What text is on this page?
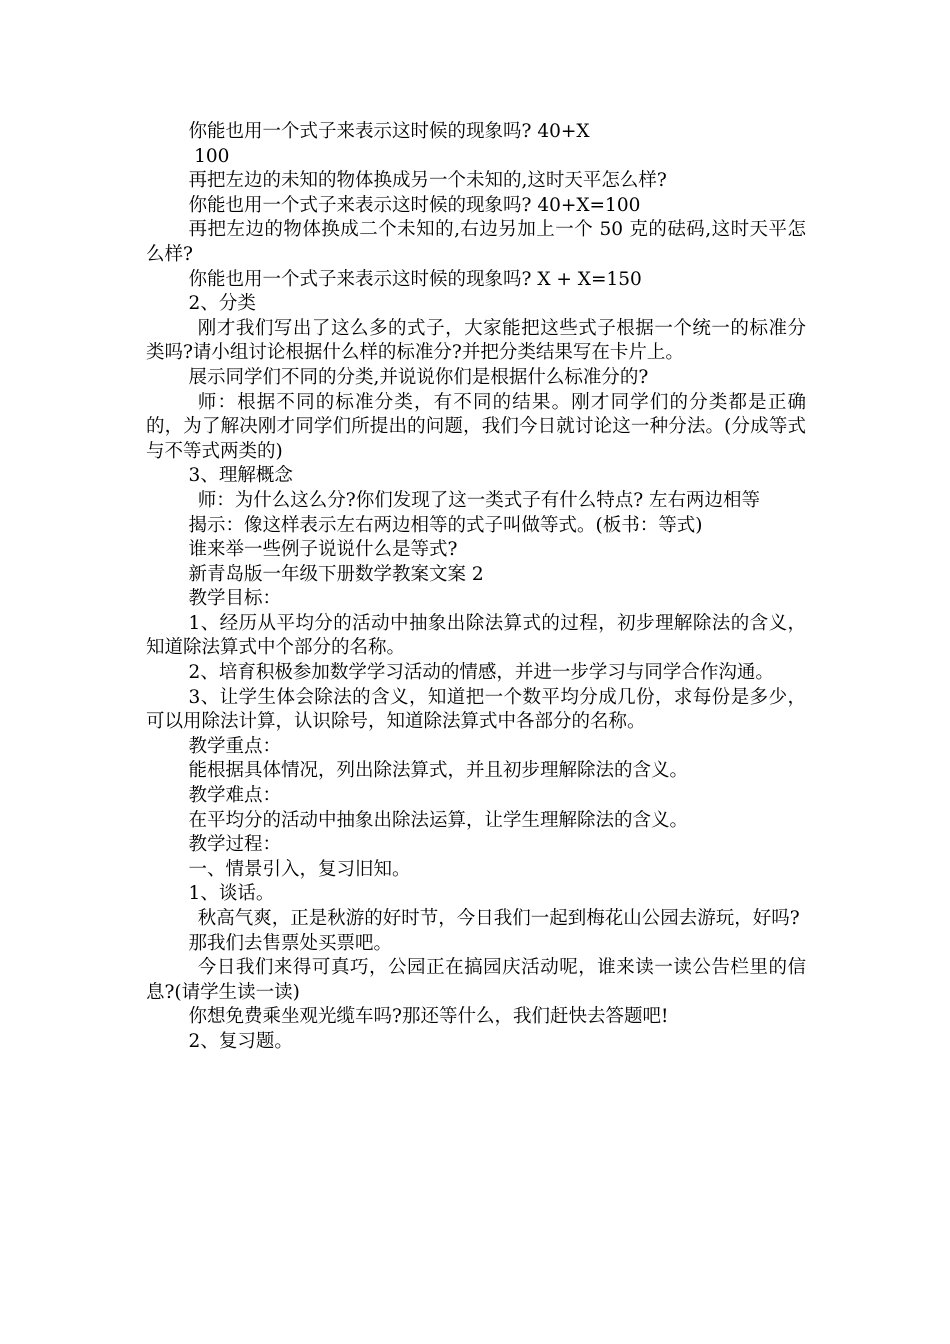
你能也用一个式子来表示这时候的现象吗? 40+X

100

再把左边的未知的物体换成另一个未知的,这时天平怎么样?

你能也用一个式子来表示这时候的现象吗? 40+X=100

再把左边的物体换成二个未知的,右边另加上一个 50 克的砝码,这时天平怎么样?

你能也用一个式子来表示这时候的现象吗? X + X=150

2、分类

刚才我们写出了这么多的式子，大家能把这些式子根据一个统一的标准分类吗?请小组讨论根据什么样的标准分?并把分类结果写在卡片上。

展示同学们不同的分类,并说说你们是根据什么标准分的?

师：根据不同的标准分类，有不同的结果。刚才同学们的分类都是正确的，为了解决刚才同学们所提出的问题，我们今日就讨论这一种分法。(分成等式与不等式两类的)

3、理解概念

师：为什么这么分?你们发现了这一类式子有什么特点? 左右两边相等

揭示：像这样表示左右两边相等的式子叫做等式。(板书：等式)

谁来举一些例子说说什么是等式?

新青岛版一年级下册数学教案文案 2

教学目标：

1、经历从平均分的活动中抽象出除法算式的过程，初步理解除法的含义，知道除法算式中个部分的名称。

2、培育积极参加数学学习活动的情感，并进一步学习与同学合作沟通。

3、让学生体会除法的含义，知道把一个数平均分成几份，求每份是多少，可以用除法计算，认识除号，知道除法算式中各部分的名称。

教学重点：

能根据具体情况，列出除法算式，并且初步理解除法的含义。

教学难点：

在平均分的活动中抽象出除法运算，让学生理解除法的含义。

教学过程：

一、情景引入，复习旧知。

1、谈话。

秋高气爽，正是秋游的好时节，今日我们一起到梅花山公园去游玩，好吗?

那我们去售票处买票吧。

今日我们来得可真巧，公园正在搞园庆活动呢，谁来读一读公告栏里的信息?(请学生读一读)

你想免费乘坐观光缆车吗?那还等什么，我们赶快去答题吧!

2、复习题。
